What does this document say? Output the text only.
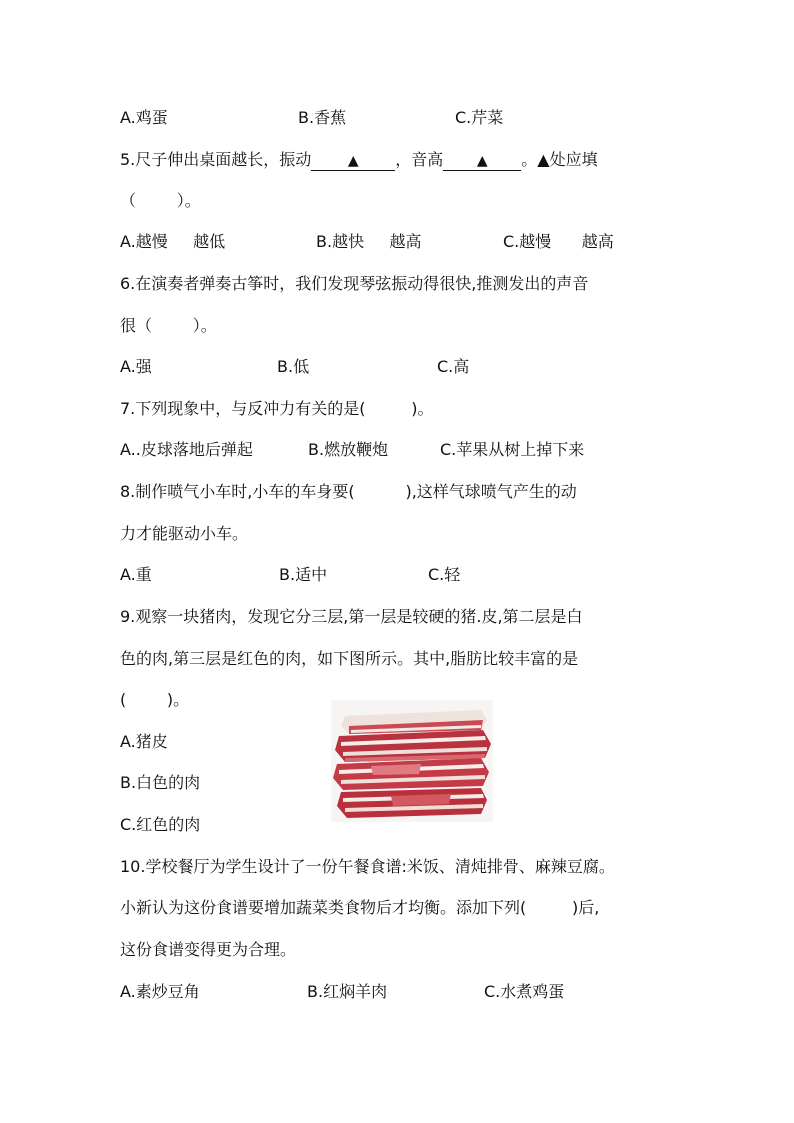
A.鸡蛋	B.香蕉	C.芹菜
5.尺子伸出桌面越长，振动	▲ ，音高 ▲ 。▲处应填
（        ）。
A.越慢     越低	B.越快     越高	C.越慢      越高
6.在演奏者弹奏古筝时，我们发现琴弦振动得很快,推测发出的声音
很（        ）。
A.强	B.低	C.高
7.下列现象中，与反冲力有关的是(         )。
A..皮球落地后弹起	B.燃放鞭炮	C.苹果从树上掉下来
8.制作喷气小车时,小车的车身要(          ),这样气球喷气产生的动
力才能驱动小车。
A.重	B.适中	C.轻
9.观察一块猪肉，发现它分三层,第一层是较硬的猪.皮,第二层是白
色的肉,第三层是红色的肉，如下图所示。其中,脂肪比较丰富的是
(        )。
A.猪皮
B.白色的肉
C.红色的肉
10.学校餐厅为学生设计了一份午餐食谱:米饭、清炖排骨、麻辣豆腐。
小新认为这份食谱要增加蔬菜类食物后才均衡。添加下列(         )后,
这份食谱变得更为合理。
A.素炒豆角	B.红焖羊肉	C.水煮鸡蛋
